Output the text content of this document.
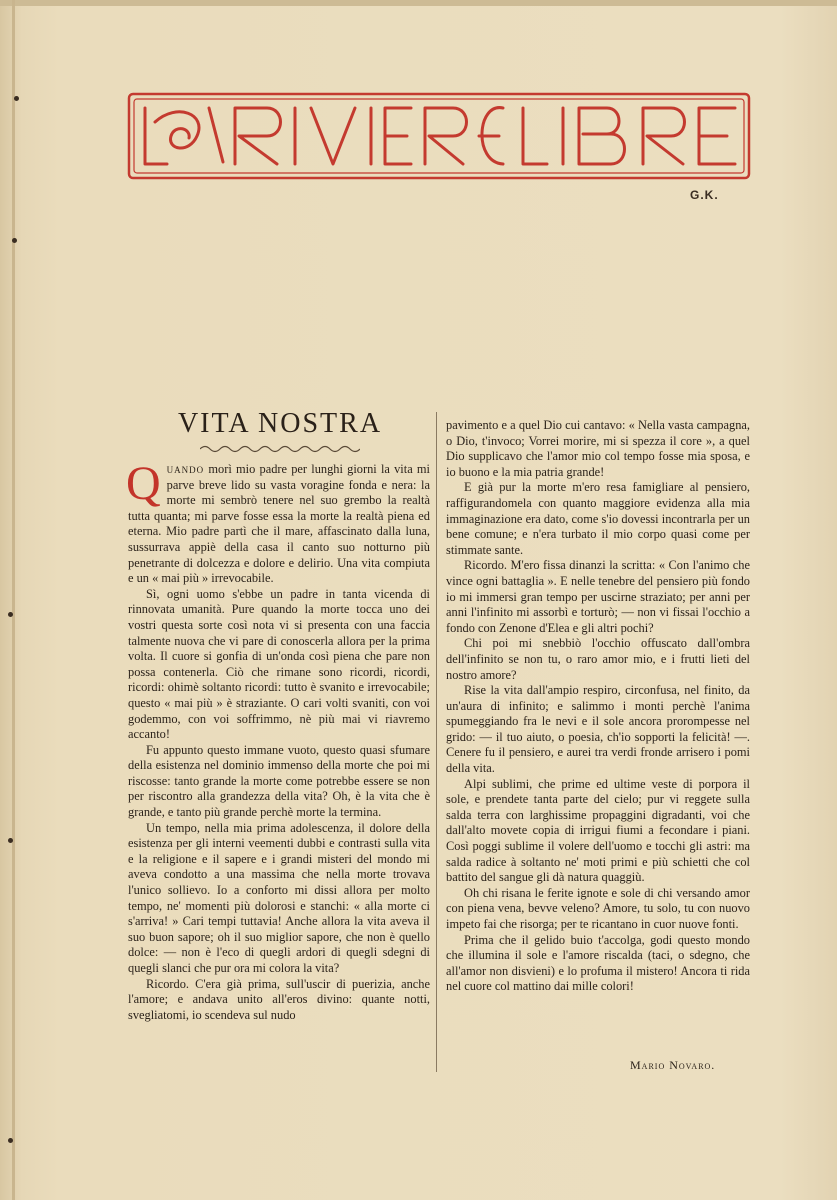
G.K.
VITA NOSTRA

Quando morì mio padre per lunghi giorni la vita mi parve breve lido su vasta voragine fonda e nera: la morte mi sembrò tenere nel suo grembo la realtà tutta quanta; mi parve fosse essa la morte la realtà piena ed eterna. Mio padre partì che il mare, affascinato dalla luna, sussurrava appiè della casa il canto suo notturno più penetrante di dolcezza e dolore e delirio. Una vita compiuta e un « mai più » irrevocabile.

Sì, ogni uomo s'ebbe un padre in tanta vicenda di rinnovata umanità. Pure quando la morte tocca uno dei vostri questa sorte così nota vi si presenta con una faccia talmente nuova che vi pare di conoscerla allora per la prima volta. Il cuore si gonfia di un'onda così piena che pare non possa contenerla. Ciò che rimane sono ricordi, ricordi, ricordi: ohimè soltanto ricordi: tutto è svanito e irrevocabile; questo « mai più » è straziante. O cari volti svaniti, con voi godemmo, con voi soffrimmo, nè più mai vi riavremo accanto!

Fu appunto questo immane vuoto, questo quasi sfumare della esistenza nel dominio immenso della morte che poi mi riscosse: tanto grande la morte come potrebbe essere se non per riscontro alla grandezza della vita? Oh, è la vita che è grande, e tanto più grande perchè morte la termina.

Un tempo, nella mia prima adolescenza, il dolore della esistenza per gli interni veementi dubbi e contrasti sulla vita e la religione e il sapere e i grandi misteri del mondo mi aveva condotto a una massima che nella morte trovava l'unico sollievo. Io a conforto mi dissi allora per molto tempo, ne' momenti più dolorosi e stanchi: « alla morte ci s'arriva! » Cari tempi tuttavia! Anche allora la vita aveva il suo buon sapore; oh il suo miglior sapore, che non è quello dolce: — non è l'eco di quegli ardori di quegli sdegni di quegli slanci che pur ora mi colora la vita?

Ricordo. C'era già prima, sull'uscir di puerizia, anche l'amore; e andava unito all'eros divino: quante notti, svegliatomi, io scendeva sul nudo

pavimento e a quel Dio cui cantavo: « Nella vasta campagna, o Dio, t'invoco; Vorrei morire, mi si spezza il core », a quel Dio supplicavo che l'amor mio col tempo fosse mia sposa, e io buono e la mia patria grande!

E già pur la morte m'ero resa famigliare al pensiero, raffigurandomela con quanto maggiore evidenza alla mia immaginazione era dato, come s'io dovessi incontrarla per un bene comune; e n'era turbato il mio corpo quasi come per stimmate sante.

Ricordo. M'ero fissa dinanzi la scritta: « Con l'animo che vince ogni battaglia ». E nelle tenebre del pensiero più fondo io mi immersi gran tempo per uscirne straziato; per anni per anni l'infinito mi assorbì e torturò; — non vi fissai l'occhio a fondo con Zenone d'Elea e gli altri pochi?

Chi poi mi snebbiò l'occhio offuscato dall'ombra dell'infinito se non tu, o raro amor mio, e i frutti lieti del nostro amore?

Rise la vita dall'ampio respiro, circonfusa, nel finito, da un'aura di infinito; e salimmo i monti perchè l'anima spumeggiando fra le nevi e il sole ancora prorompesse nel grido: — il tuo aiuto, o poesia, ch'io sopporti la felicità! —. Cenere fu il pensiero, e aurei tra verdi fronde arrisero i pomi della vita.

Alpi sublimi, che prime ed ultime veste di porpora il sole, e prendete tanta parte del cielo; pur vi reggete sulla salda terra con larghissime propaggini digradanti, voi che dall'alto movete copia di irrigui fiumi a fecondare i piani. Così poggi sublime il volere dell'uomo e tocchi gli astri: ma salda radice à soltanto ne' moti primi e più schietti che col battito del sangue gli dà natura quaggiù.

Oh chi risana le ferite ignote e sole di chi versando amor con piena vena, bevve veleno? Amore, tu solo, tu con nuovo impeto fai che risorga; per te ricantano in cuor nuove fonti.

Prima che il gelido buio t'accolga, godi questo mondo che illumina il sole e l'amore riscalda (taci, o sdegno, che all'amor non disvieni) e lo profuma il mistero! Ancora ti rida nel cuore col mattino dai mille colori!

Mario Novaro.
